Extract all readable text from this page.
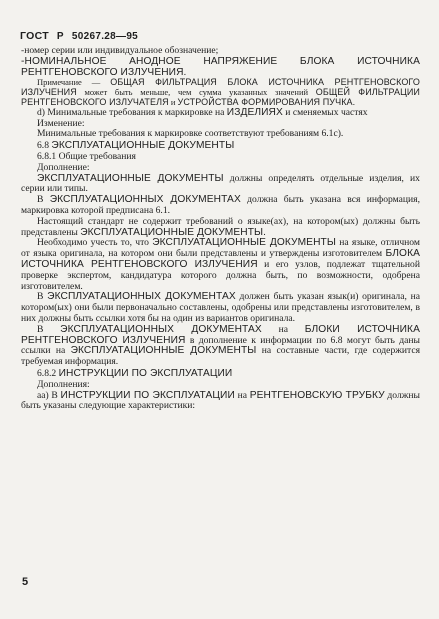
ГОСТ Р 50267.28—95

-номер серии или индивидуальное обозначение;

-НОМИНАЛЬНОЕ АНОДНОЕ НАПРЯЖЕНИЕ БЛОКА ИСТОЧНИКА РЕНТГЕНОВСКОГО ИЗЛУЧЕНИЯ.

Примечание — ОБЩАЯ ФИЛЬТРАЦИЯ БЛОКА ИСТОЧНИКА РЕНТГЕНОВСКОГО ИЗЛУЧЕНИЯ может быть меньше, чем сумма указанных значений ОБЩЕЙ ФИЛЬТРАЦИИ РЕНТГЕНОВСКОГО ИЗЛУЧАТЕЛЯ и УСТРОЙСТВА ФОРМИРОВАНИЯ ПУЧКА.

d) Минимальные требования к маркировке на ИЗДЕЛИЯХ и сменяемых частях

Изменение:

Минимальные требования к маркировке соответствуют требованиям 6.1с).

6.8 ЭКСПЛУАТАЦИОННЫЕ ДОКУМЕНТЫ

6.8.1 Общие требования

Дополнение:

ЭКСПЛУАТАЦИОННЫЕ ДОКУМЕНТЫ должны определять отдельные изделия, их серии или типы.

В ЭКСПЛУАТАЦИОННЫХ ДОКУМЕНТАХ должна быть указана вся информация, маркировка которой предписана 6.1.

Настоящий стандарт не содержит требований о языке(ах), на котором(ых) должны быть представлены ЭКСПЛУАТАЦИОННЫЕ ДОКУМЕНТЫ.

Необходимо учесть то, что ЭКСПЛУАТАЦИОННЫЕ ДОКУМЕНТЫ на языке, отличном от языка оригинала, на котором они были представлены и утверждены изготовителем БЛОКА ИСТОЧНИКА РЕНТГЕНОВСКОГО ИЗЛУЧЕНИЯ и его узлов, подлежат тщательной проверке экспертом, кандидатура которого должна быть, по возможности, одобрена изготовителем.

В ЭКСПЛУАТАЦИОННЫХ ДОКУМЕНТАХ должен быть указан язык(и) оригинала, на котором(ых) они были первоначально составлены, одобрены или представлены изготовителем, в них должны быть ссылки хотя бы на один из вариантов оригинала.

В ЭКСПЛУАТАЦИОННЫХ ДОКУМЕНТАХ на БЛОКИ ИСТОЧНИКА РЕНТГЕНОВСКОГО ИЗЛУЧЕНИЯ в дополнение к информации по 6.8 могут быть даны ссылки на ЭКСПЛУАТАЦИОННЫЕ ДОКУМЕНТЫ на составные части, где содержится требуемая информация.

6.8.2 ИНСТРУКЦИИ ПО ЭКСПЛУАТАЦИИ

Дополнения:

аа) В ИНСТРУКЦИИ ПО ЭКСПЛУАТАЦИИ на РЕНТГЕНОВСКУЮ ТРУБКУ должны быть указаны следующие характеристики:

5
